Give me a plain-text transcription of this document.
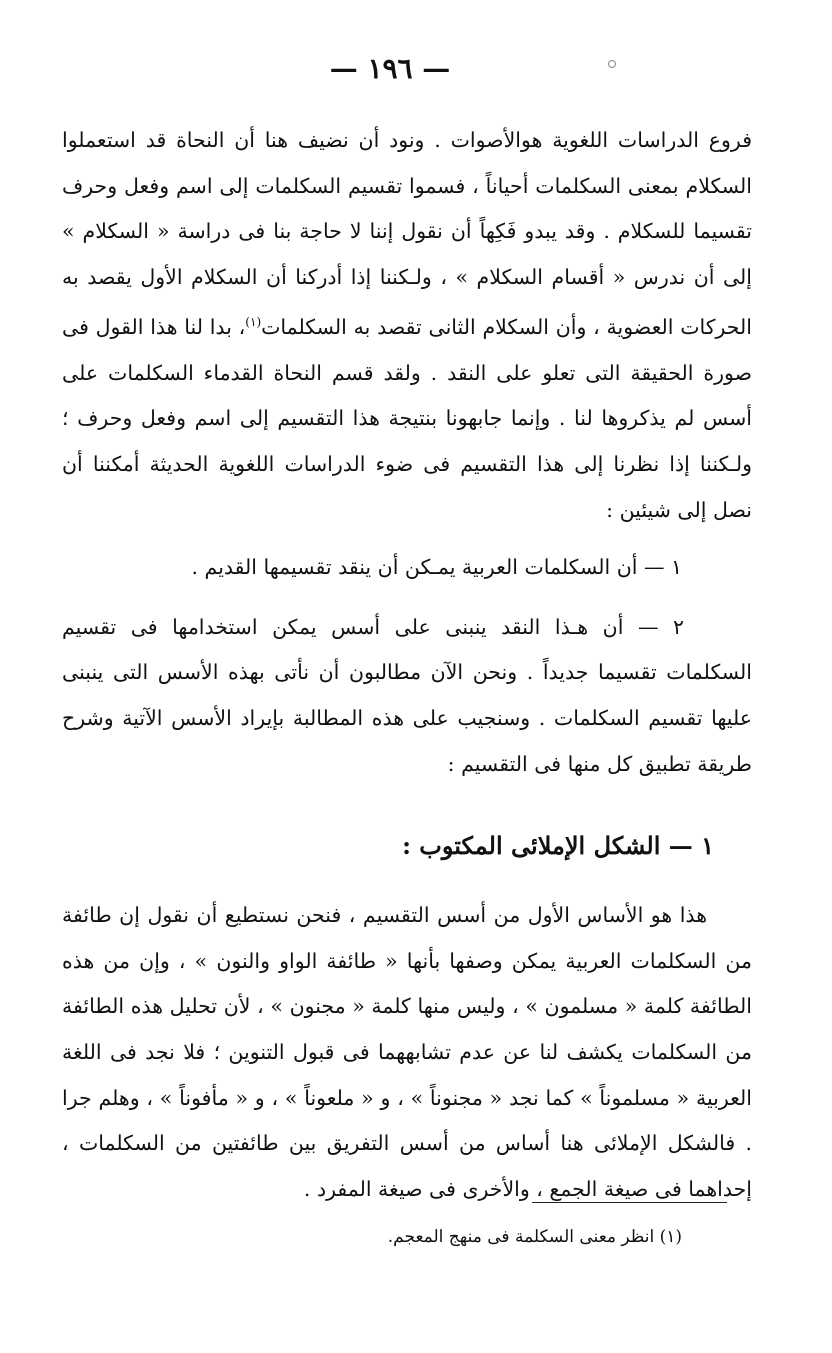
— ١٩٦ —

فروع الدراسات اللغوية هوالأصوات . ونود أن نضيف هنا أن النحاة قد استعملوا السكلام بمعنى السكلمات أحياناً ، فسموا تقسيم السكلمات إلى اسم وفعل وحرف تقسيما للسكلام . وقد يبدو فَكِهاً أن نقول إننا لا حاجة بنا فى دراسة « السكلام » إلى أن ندرس « أقسام السكلام » ، ولـكننا إذا أدركنا أن السكلام الأول يقصد به الحركات العضوية ، وأن السكلام الثانى تقصد به السكلمات$^{(١)}$، بدا لنا هذا القول فى صورة الحقيقة التى تعلو على النقد . ولقد قسم النحاة القدماء السكلمات على أسس لم يذكروها لنا . وإنما جابهونا بنتيجة هذا التقسيم إلى اسم وفعل وحرف ؛ ولـكننا إذا نظرنا إلى هذا التقسيم فى ضوء الدراسات اللغوية الحديثة أمكننا أن نصل إلى شيئين :

١ — أن السكلمات العربية يمـكن أن ينقد تقسيمها القديم .

٢ — أن هـذا النقد ينبنى على أسس يمكن استخدامها فى تقسيم السكلمات تقسيما جديداً . ونحن الآن مطالبون أن نأتى بهذه الأسس التى ينبنى عليها تقسيم السكلمات . وسنجيب على هذه المطالبة بإيراد الأسس الآتية وشرح طريقة تطبيق كل منها فى التقسيم :

١ — الشكل الإملائى المكتوب :

هذا هو الأساس الأول من أسس التقسيم ، فنحن نستطيع أن نقول إن طائفة من السكلمات العربية يمكن وصفها بأنها « طائفة الواو والنون » ، وإن من هذه الطائفة كلمة « مسلمون » ، وليس منها كلمة « مجنون » ، لأن تحليل هذه الطائفة من السكلمات يكشف لنا عن عدم تشابههما فى قبول التنوين ؛ فلا نجد فى اللغة العربية « مسلموناً » كما نجد « مجنوناً » ، و « ملعوناً » ، و « مأفوناً » ، وهلم جرا . فالشكل الإملائى هنا أساس من أسس التفريق بين طائفتين من السكلمات ، إحداهما فى صيغة الجمع ، والأخرى فى صيغة المفرد .

(١) انظر معنى السكلمة فى منهج المعجم.
